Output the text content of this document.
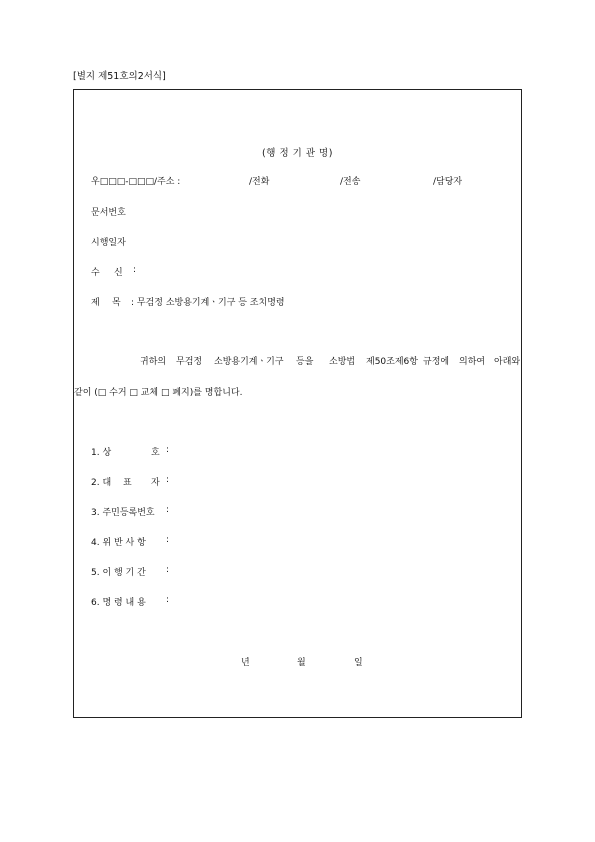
[별지 제51호의2서식]
(행 정 기 관 명)
우□□□-□□□/주소 :	/전화	/전송	/담당자
문서번호
시행일자
수 신 :
제 목 : 무검정 소방용기계ㆍ기구 등 조치명령
귀하의 무검정 소방용기계ㆍ기구 등을 소방법 제50조제6항 규정에 의하여 아래와
같이 (□ 수거 □ 교체 □ 폐지)를 명합니다.
1. 상	호 :
2. 대 표 자 :
3. 주민등록번호 :
4. 위 반 사 항 :
5. 이 행 기 간 :
6. 명 령 내 용 :
년	월	일
